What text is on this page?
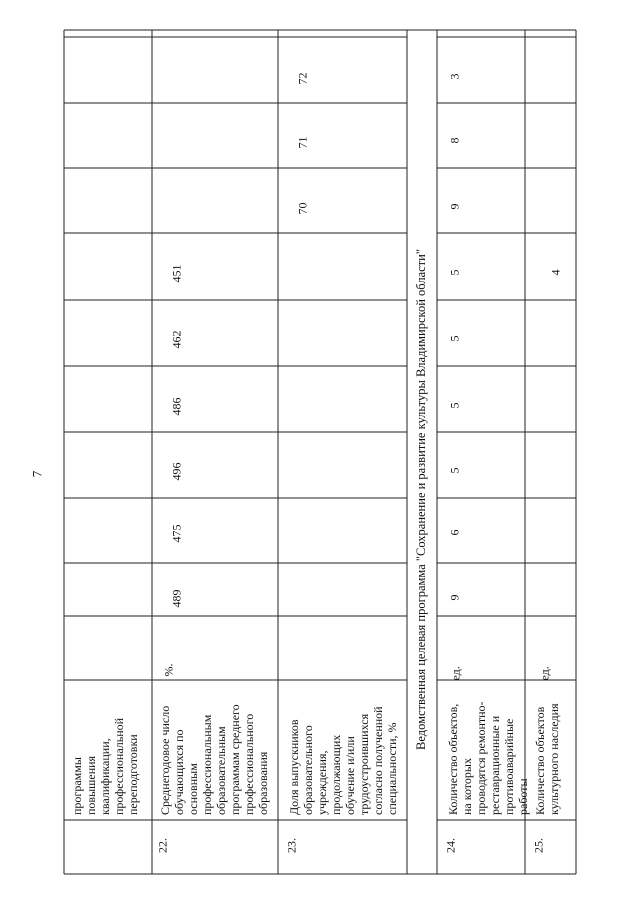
7
программы
повышения
квалификации,
профессиональной
переподготовки
22.
Среднегодовое число
обучающихся по
основным
профессиональным
образовательным
программам среднего
профессионального
образования
%.
23.
Доля выпускников
образовательного
учреждения,
продолжающих
обучение и/или
трудоустроившихся
согласно полученной
специальности, % Ведомственная целевая программа "Сохранение и развитие культуры Владимирской области"
24.
Количество объектов,
на которых
проводятся ремонтно-
реставрационные и
противоаварийные
работы
ед.
25.
Количество объектов
культурного наследия
ед.
489
475
496
486
462
451
70
71
72
9
6
5
5
5
5
9
8
3
4
